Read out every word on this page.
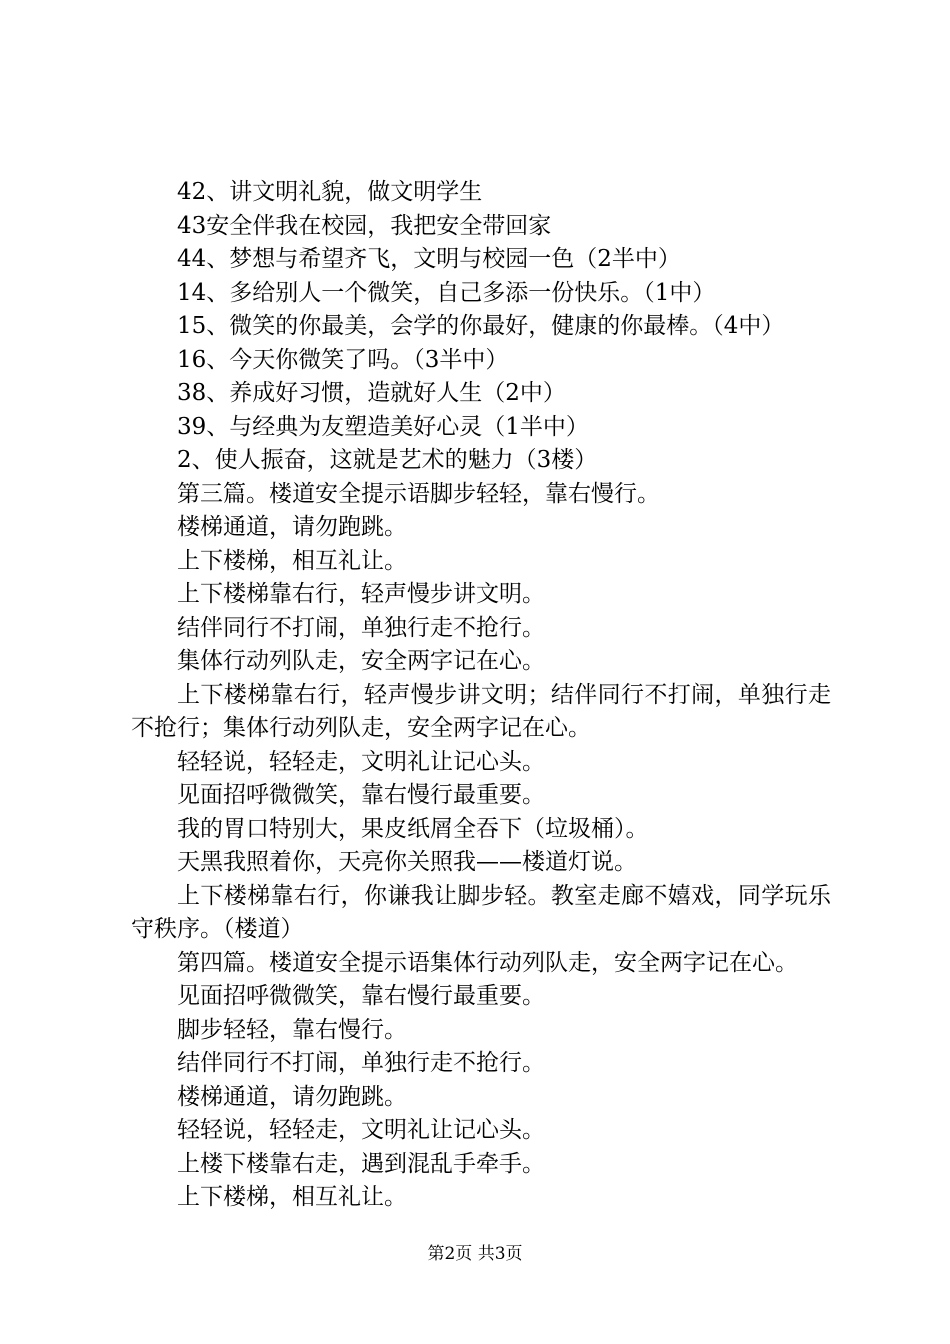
42、讲文明礼貌，做文明学生

43安全伴我在校园，我把安全带回家

44、梦想与希望齐飞，文明与校园一色（2半中）

14、多给别人一个微笑，自己多添一份快乐。（1中）

15、微笑的你最美，会学的你最好，健康的你最棒。（4中）

16、今天你微笑了吗。（3半中）

38、养成好习惯，造就好人生（2中）

39、与经典为友塑造美好心灵（1半中）

2、使人振奋，这就是艺术的魅力（3楼）

第三篇。楼道安全提示语脚步轻轻，靠右慢行。

楼梯通道，请勿跑跳。

上下楼梯，相互礼让。

上下楼梯靠右行，轻声慢步讲文明。

结伴同行不打闹，单独行走不抢行。

集体行动列队走，安全两字记在心。

上下楼梯靠右行，轻声慢步讲文明；结伴同行不打闹，单独行走不抢行；集体行动列队走，安全两字记在心。

轻轻说，轻轻走，文明礼让记心头。

见面招呼微微笑，靠右慢行最重要。

我的胃口特别大，果皮纸屑全吞下（垃圾桶）。

天黑我照着你，天亮你关照我——楼道灯说。

上下楼梯靠右行，你谦我让脚步轻。教室走廊不嬉戏，同学玩乐守秩序。（楼道）

第四篇。楼道安全提示语集体行动列队走，安全两字记在心。

见面招呼微微笑，靠右慢行最重要。

脚步轻轻，靠右慢行。

结伴同行不打闹，单独行走不抢行。

楼梯通道，请勿跑跳。

轻轻说，轻轻走，文明礼让记心头。

上楼下楼靠右走，遇到混乱手牵手。

上下楼梯，相互礼让。

第2页 共3页
